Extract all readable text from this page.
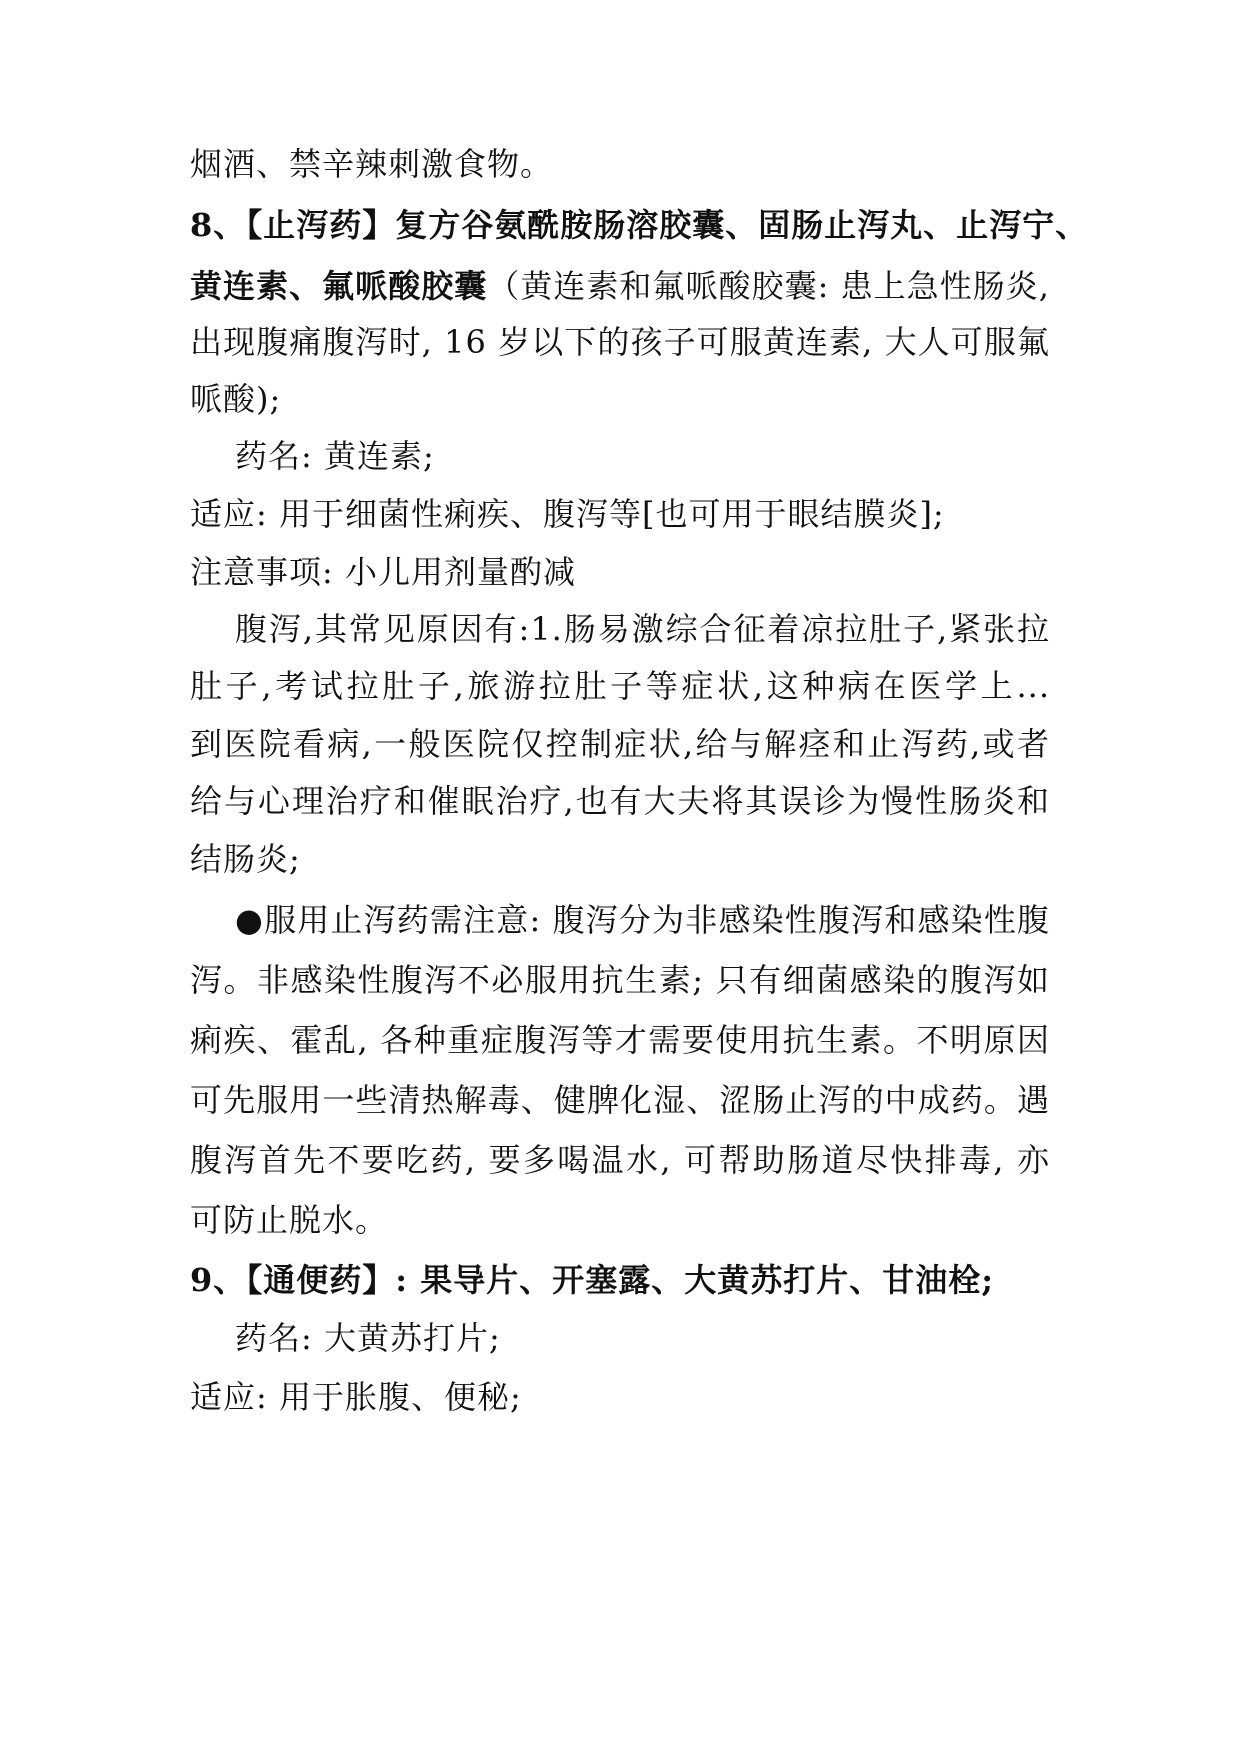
烟酒、禁辛辣刺激食物。
8、【止泻药】复方谷氨酰胺肠溶胶囊、固肠止泻丸、止泻宁、
黄连素、氟哌酸胶囊（黄连素和氟哌酸胶囊: 患上急性肠炎,
出现腹痛腹泻时, 16 岁以下的孩子可服黄连素, 大人可服氟
哌酸);
药名: 黄连素;
适应: 用于细菌性痢疾、腹泻等[也可用于眼结膜炎];
注意事项: 小儿用剂量酌减
腹泻,其常见原因有:1.肠易激综合征着凉拉肚子,紧张拉
肚子,考试拉肚子,旅游拉肚子等症状,这种病在医学上...
到医院看病,一般医院仅控制症状,给与解痉和止泻药,或者
给与心理治疗和催眠治疗,也有大夫将其误诊为慢性肠炎和
结肠炎;
●服用止泻药需注意: 腹泻分为非感染性腹泻和感染性腹
泻。非感染性腹泻不必服用抗生素; 只有细菌感染的腹泻如
痢疾、霍乱, 各种重症腹泻等才需要使用抗生素。不明原因
可先服用一些清热解毒、健脾化湿、涩肠止泻的中成药。遇
腹泻首先不要吃药, 要多喝温水, 可帮助肠道尽快排毒, 亦
可防止脱水。
9、【通便药】: 果导片、开塞露、大黄苏打片、甘油栓;
药名: 大黄苏打片;
适应: 用于胀腹、便秘;
